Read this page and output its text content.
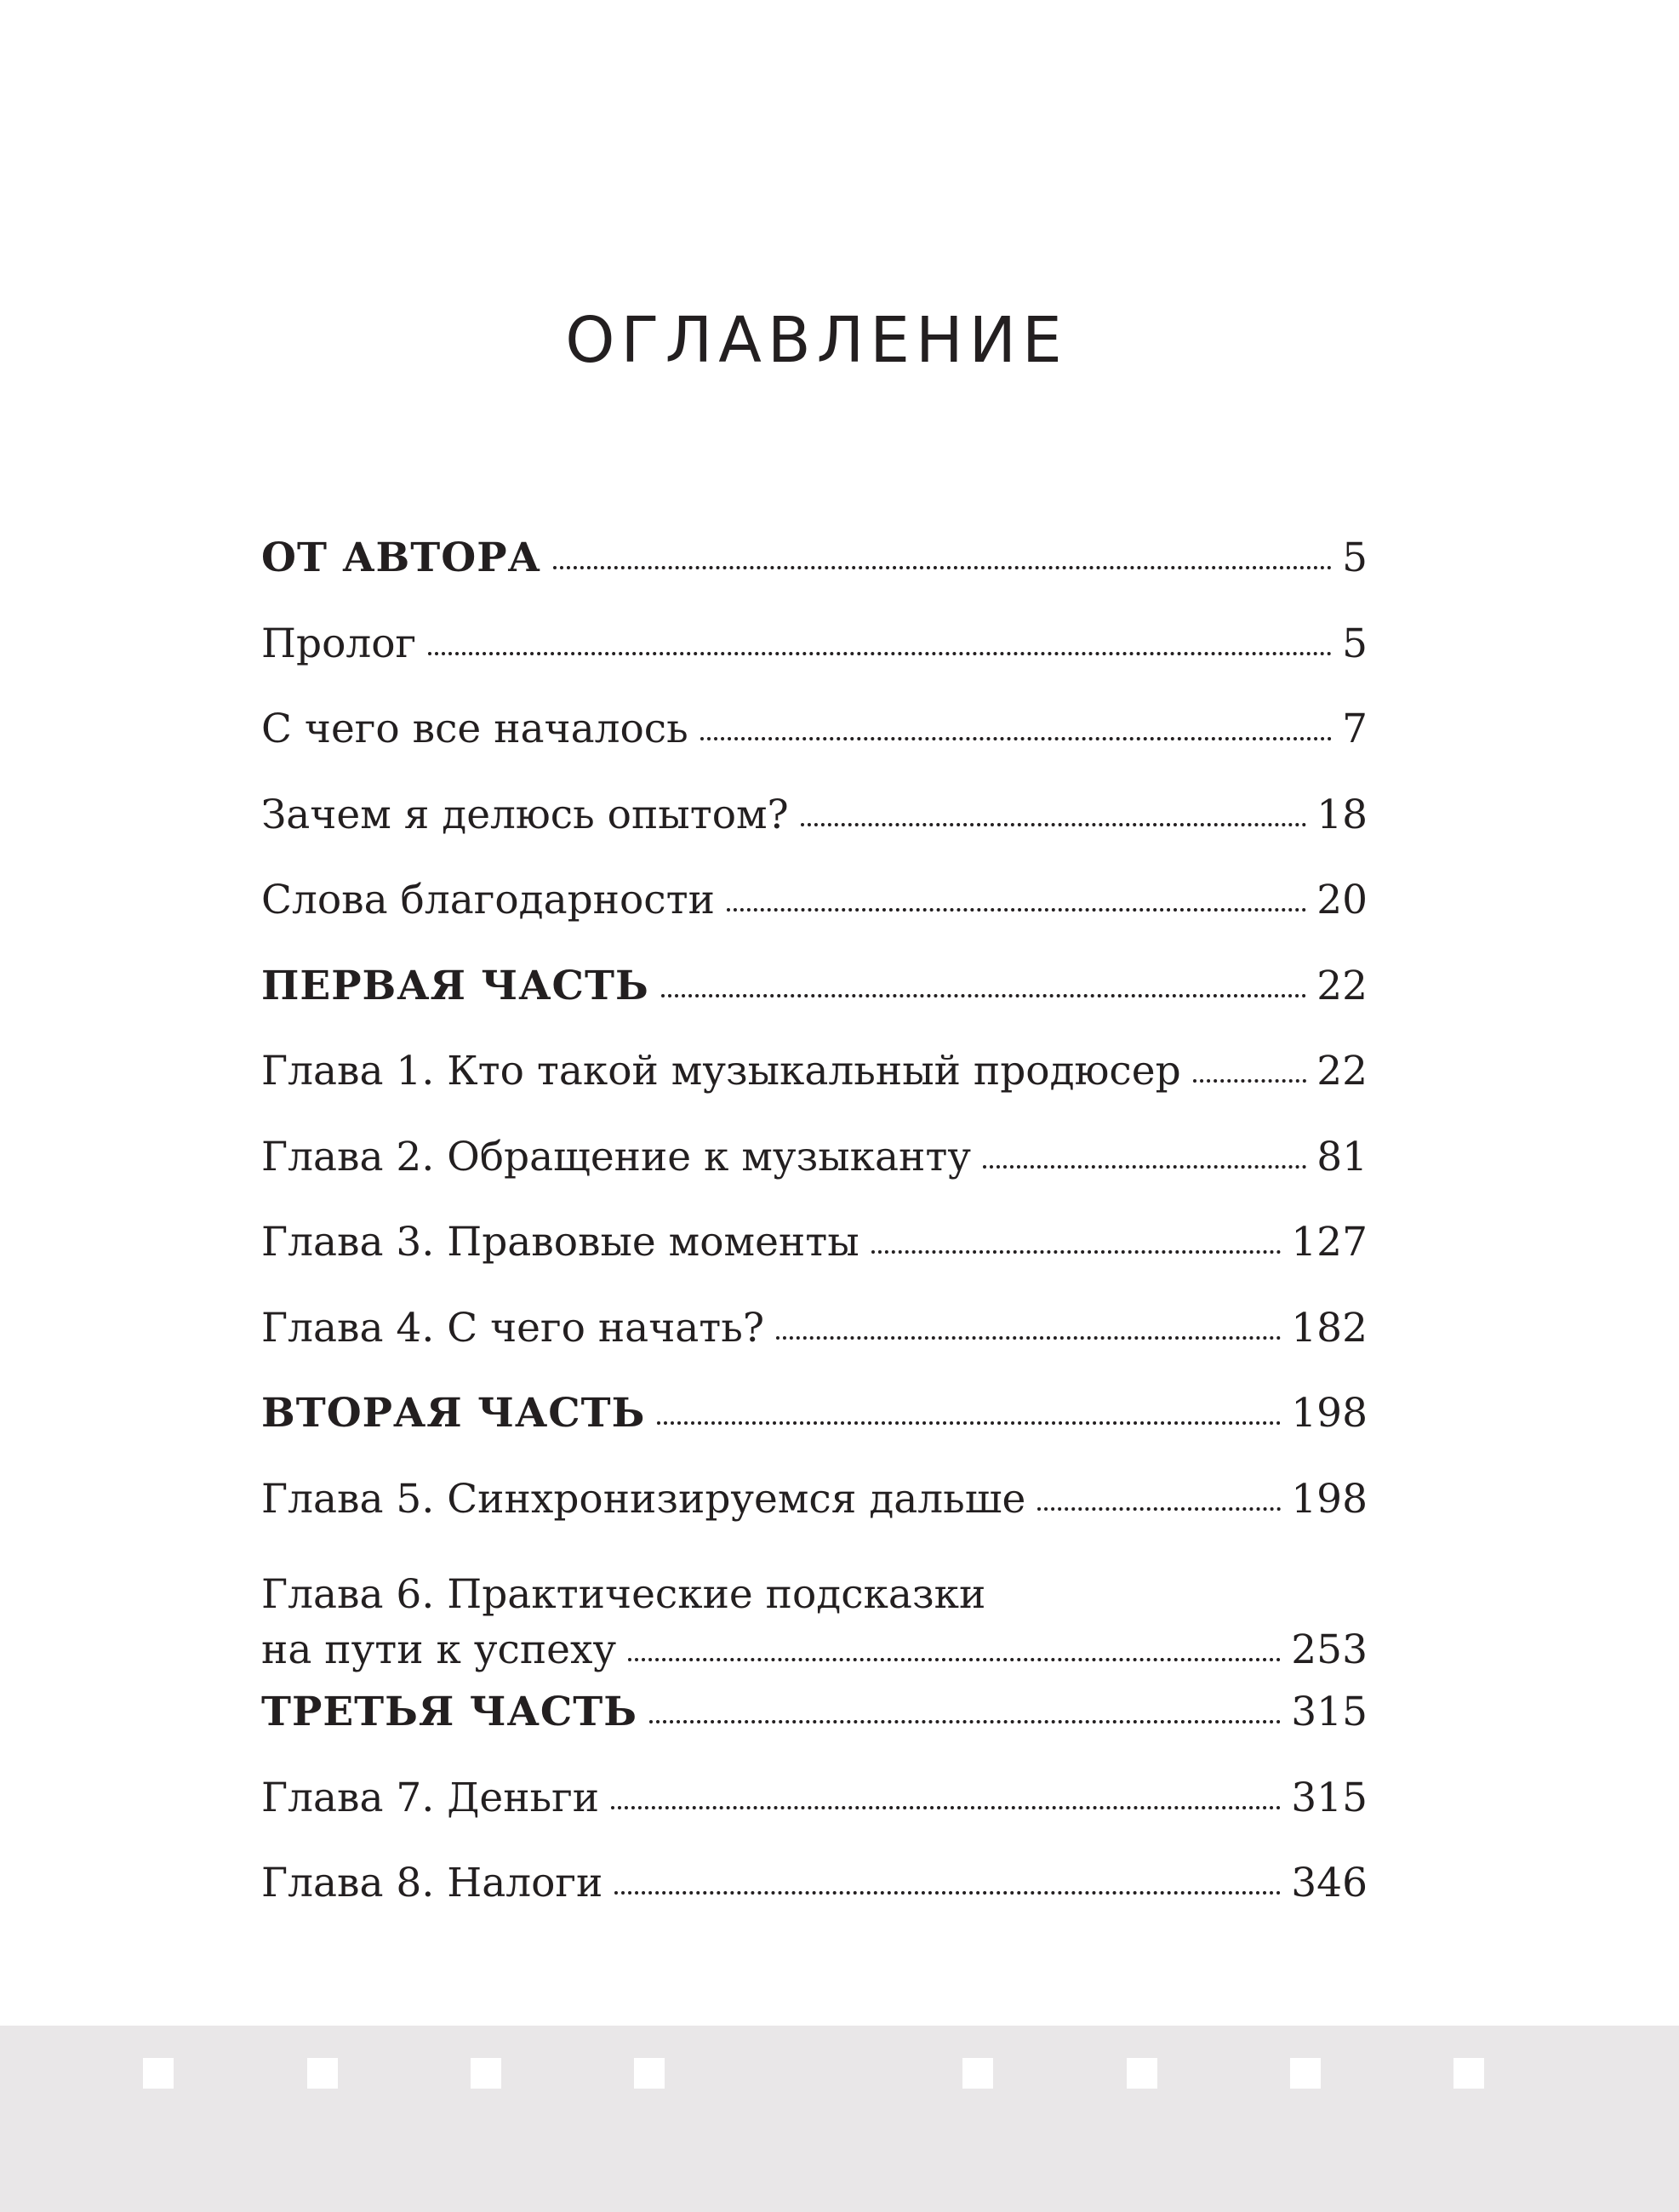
ОГЛАВЛЕНИЕ
ОТ АВТОРА	5
Пролог	5
С чего все началось	7
Зачем я делюсь опытом?	18
Слова благодарности	20
ПЕРВАЯ ЧАСТЬ	22
Глава 1. Кто такой музыкальный продюсер	22
Глава 2. Обращение к музыканту	81
Глава 3. Правовые моменты	127
Глава 4. С чего начать?	182
ВТОРАЯ ЧАСТЬ	198
Глава 5. Синхронизируемся дальше	198
Глава 6. Практические подсказки
на пути к успеху	253
ТРЕТЬЯ ЧАСТЬ	315
Глава 7. Деньги	315
Глава 8. Налоги	346
